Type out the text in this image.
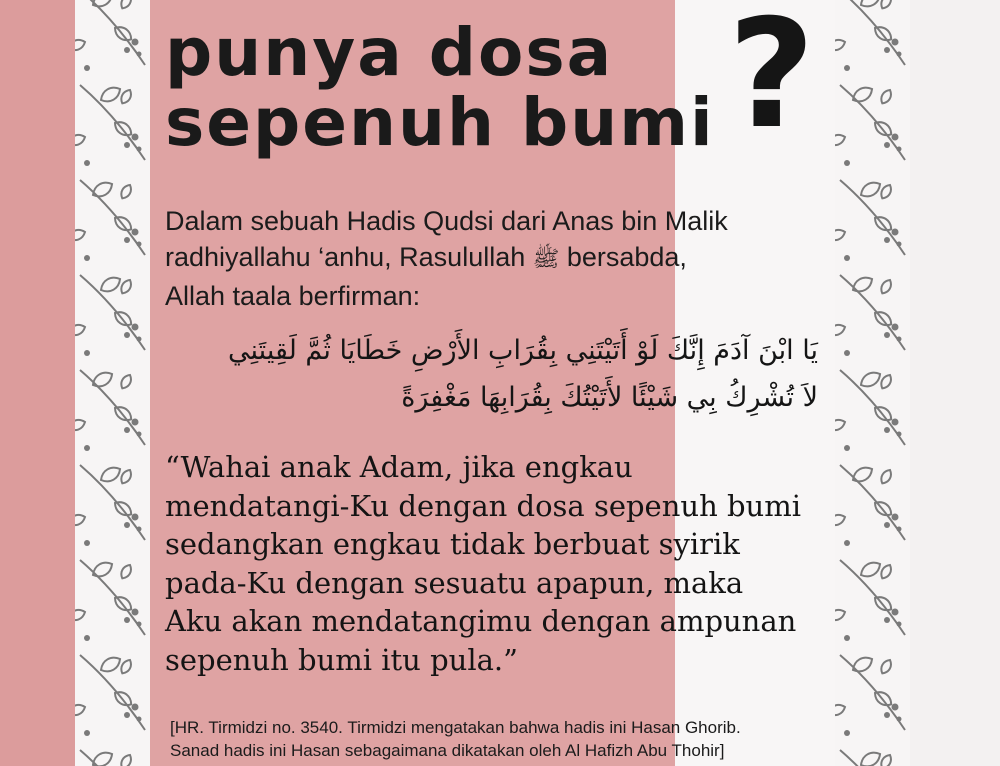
punya dosa
sepenuh bumi ?

Dalam sebuah Hadis Qudsi dari Anas bin Malik

radhiyallahu ‘anhu, Rasulullah ﷺ bersabda,

Allah taala berfirman:

يَا ابْنَ آدَمَ إِنَّكَ لَوْ أَتَيْتَنِي بِقُرَابِ الأَرْضِ خَطَايَا ثُمَّ لَقِيتَنِي
لاَ تُشْرِكُ بِي شَيْئًا لأَتَيْتُكَ بِقُرَابِهَا مَغْفِرَةً

“Wahai anak Adam, jika engkau

mendatangi-Ku dengan dosa sepenuh bumi

sedangkan engkau tidak berbuat syirik

pada-Ku dengan sesuatu apapun, maka

Aku akan mendatangimu dengan ampunan

sepenuh bumi itu pula.”

[HR. Tirmidzi no. 3540. Tirmidzi mengatakan bahwa hadis ini Hasan Ghorib.

Sanad hadis ini Hasan sebagaimana dikatakan oleh Al Hafizh Abu Thohir]
